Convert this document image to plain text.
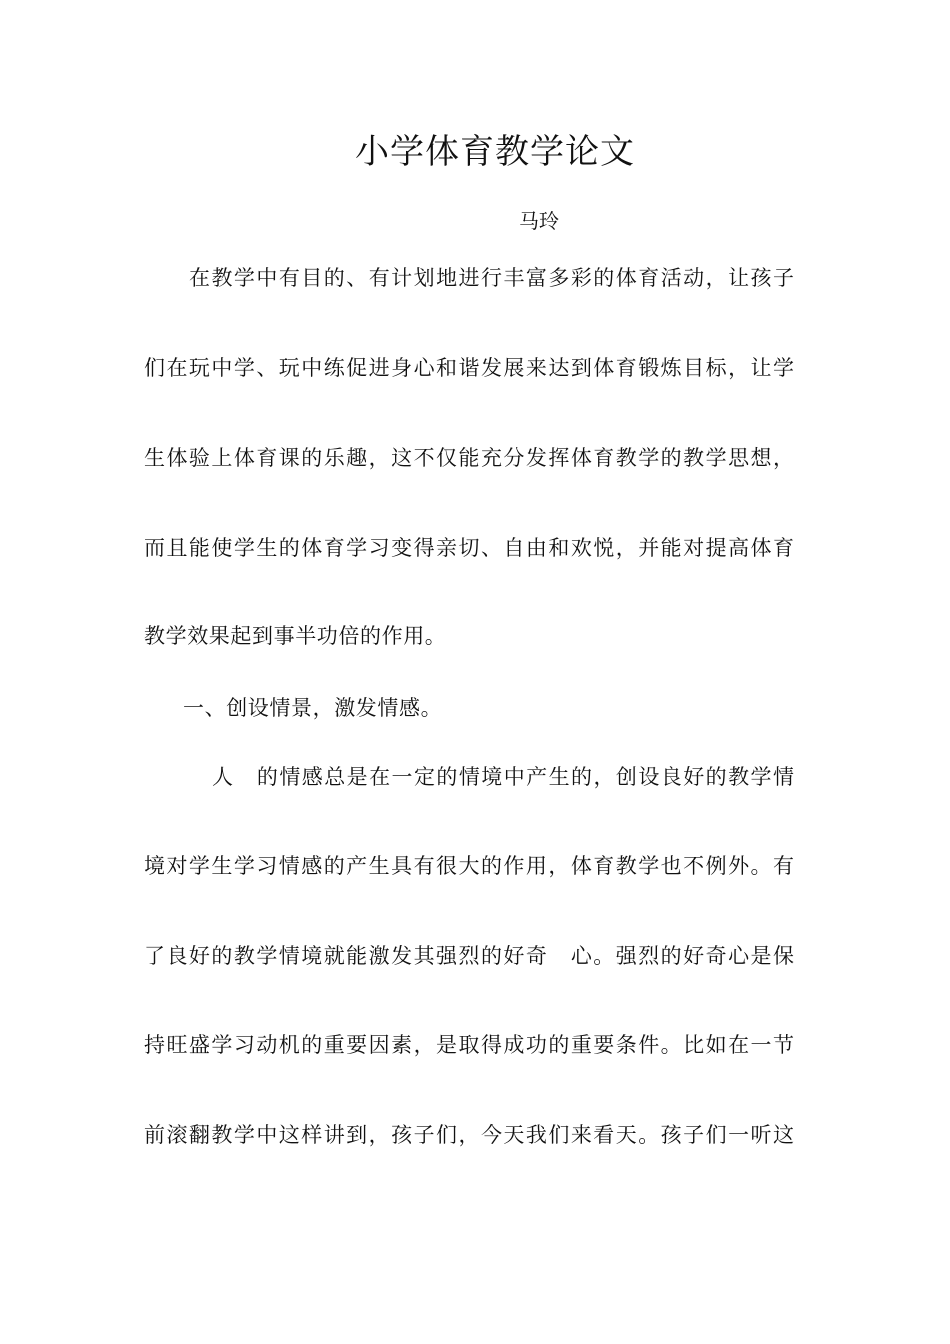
小学体育教学论文
马玲
在教学中有目的、有计划地进行丰富多彩的体育活动，让孩子
们在玩中学、玩中练促进身心和谐发展来达到体育锻炼目标，让学
生体验上体育课的乐趣，这不仅能充分发挥体育教学的教学思想，
而且能使学生的体育学习变得亲切、自由和欢悦，并能对提高体育
教学效果起到事半功倍的作用。
一、创设情景，激发情感。
人　的情感总是在一定的情境中产生的，创设良好的教学情
境对学生学习情感的产生具有很大的作用，体育教学也不例外。有
了良好的教学情境就能激发其强烈的好奇　心。强烈的好奇心是保
持旺盛学习动机的重要因素，是取得成功的重要条件。比如在一节
前滚翻教学中这样讲到，孩子们，今天我们来看天。孩子们一听这
